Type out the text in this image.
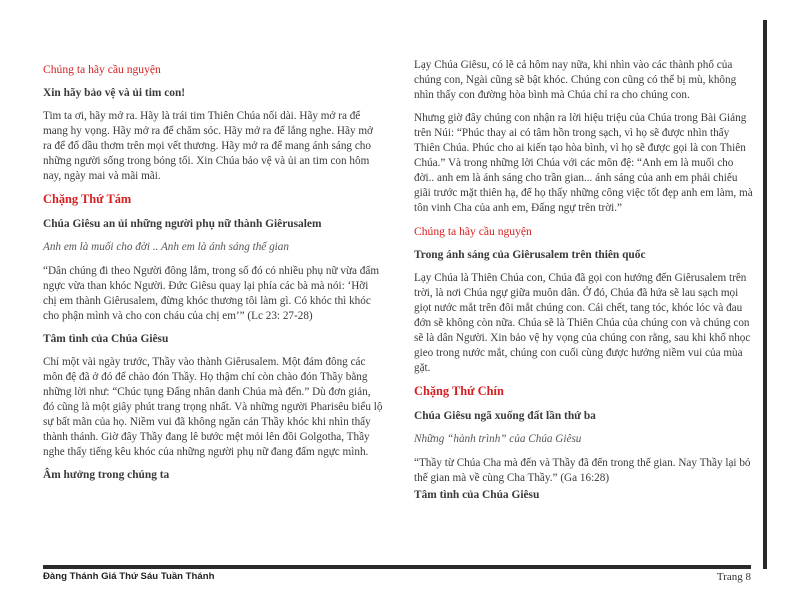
Chúng ta hãy cầu nguyện
Xin hãy bảo vệ và ủi tim con!

Tim ta ơi, hãy mở ra. Hãy là trái tim Thiên Chúa nối dài. Hãy mở ra để mang hy vọng. Hãy mở ra để chăm sóc. Hãy mở ra để lắng nghe. Hãy mở ra để đổ dầu thơm trên mọi vết thương. Hãy mở ra để mang ánh sáng cho những người sống trong bóng tối. Xin Chúa bảo vệ và ủi an tim con hôm nay, ngày mai và mãi mãi.

Chặng Thứ Tám
Chúa Giêsu an ủi những người phụ nữ thành Giêrusalem
Anh em là muối cho đời .. Anh em là ánh sáng thế gian

“Dân chúng đi theo Người đông lắm, trong số đó có nhiều phụ nữ vừa đấm ngực vừa than khóc Người. Đức Giêsu quay lại phía các bà mà nói: ‘Hỡi chị em thành Giêrusalem, đừng khóc thương tôi làm gì. Có khóc thì khóc cho phận mình và cho con cháu của chị em’” (Lc 23: 27-28)

Tâm tình của Chúa Giêsu

Chỉ một vài ngày trước, Thầy vào thành Giêrusalem. Một đám đông các môn đệ đã ở đó để chào đón Thầy. Họ thậm chí còn chào đón Thầy bằng những lời như: “Chúc tụng Đấng nhân danh Chúa mà đến.” Dù đơn giản, đó cũng là một giây phút trang trọng nhất. Và những người Pharisêu biểu lộ sự bất mãn của họ. Niềm vui đã không ngăn cản Thầy khóc khi nhìn thấy thành thánh. Giờ đây Thầy đang lê bước mệt mỏi lên đồi Golgotha, Thầy nghe thấy tiếng kêu khóc của những người phụ nữ đang đấm ngực mình.

Âm hưởng trong chúng ta

Lạy Chúa Giêsu, có lẽ cả hôm nay nữa, khi nhìn vào các thành phố của chúng con, Ngài cũng sẽ bật khóc. Chúng con cũng có thể bị mù, không nhìn thấy con đường hòa bình mà Chúa chỉ ra cho chúng con.

Nhưng giờ đây chúng con nhận ra lời hiệu triệu của Chúa trong Bài Giảng trên Núi: “Phúc thay ai có tâm hồn trong sạch, vì họ sẽ được nhìn thấy Thiên Chúa. Phúc cho ai kiến tạo hòa bình, vì họ sẽ được gọi là con Thiên Chúa.” Và trong những lời Chúa với các môn đệ: “Anh em là muối cho đời.. anh em là ánh sáng cho trần gian... ánh sáng của anh em phải chiếu giãi trước mặt thiên hạ, để họ thấy những công việc tốt đẹp anh em làm, mà tôn vinh Cha của anh em, Đấng ngự trên trời.”

Chúng ta hãy cầu nguyện
Trong ánh sáng của Giêrusalem trên thiên quốc

Lạy Chúa là Thiên Chúa con, Chúa đã gọi con hướng đến Giêrusalem trên trời, là nơi Chúa ngự giữa muôn dân. Ở đó, Chúa đã hứa sẽ lau sạch mọi giọt nước mắt trên đôi mắt chúng con. Cái chết, tang tóc, khóc lóc và đau đớn sẽ không còn nữa. Chúa sẽ là Thiên Chúa của chúng con và chúng con sẽ là dân Người. Xin bảo vệ hy vọng của chúng con rằng, sau khi khổ nhọc gieo trong nước mắt, chúng con cuối cùng được hưởng niềm vui của mùa gặt.

Chặng Thứ Chín
Chúa Giêsu ngã xuống đất lần thứ ba
Những “hành trình” của Chúa Giêsu

“Thầy từ Chúa Cha mà đến và Thầy đã đến trong thế gian. Nay Thầy lại bỏ thế gian mà về cùng Cha Thầy.” (Ga 16:28)

Tâm tình của Chúa Giêsu
Đàng Thánh Giá Thứ Sáu Tuần Thánh	Trang 8
